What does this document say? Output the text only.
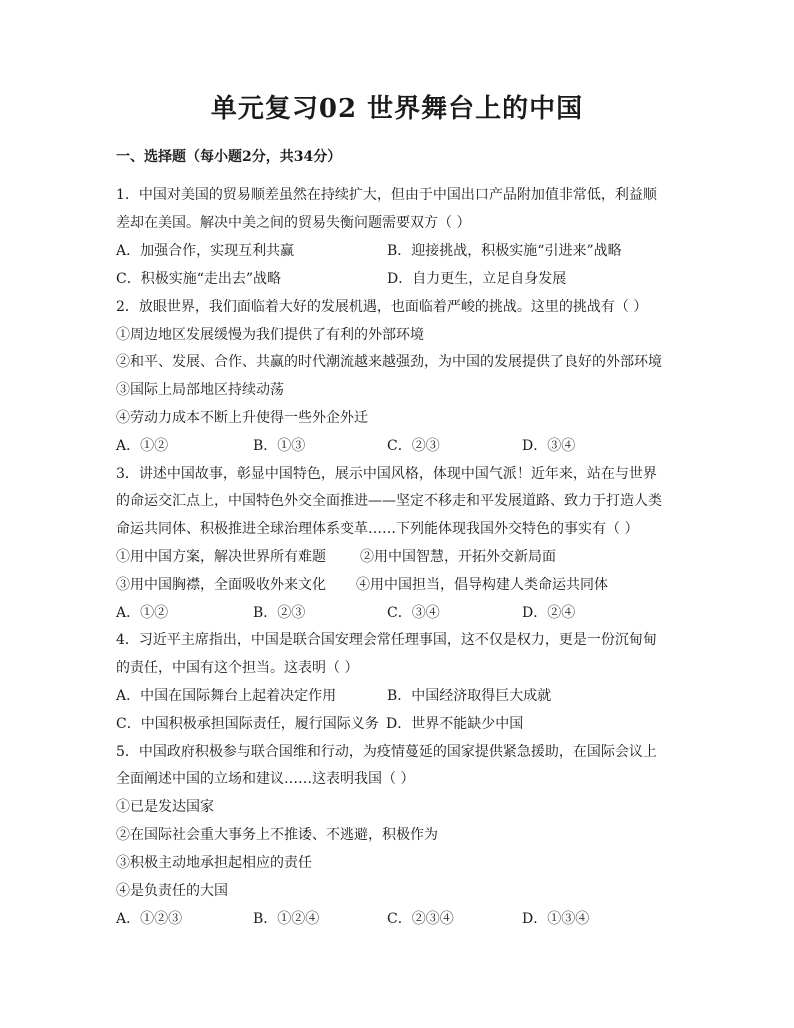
单元复习02 世界舞台上的中国
一、选择题（每小题2分，共34分）
1．中国对美国的贸易顺差虽然在持续扩大，但由于中国出口产品附加值非常低，利益顺
差却在美国。解决中美之间的贸易失衡问题需要双方（ ）
A．加强合作，实现互利共赢	B．迎接挑战，积极实施“引进来”战略
C．积极实施“走出去”战略	D．自力更生，立足自身发展
2．放眼世界，我们面临着大好的发展机遇，也面临着严峻的挑战。这里的挑战有（ ）
①周边地区发展缓慢为我们提供了有利的外部环境
②和平、发展、合作、共赢的时代潮流越来越强劲，为中国的发展提供了良好的外部环境
③国际上局部地区持续动荡
④劳动力成本不断上升使得一些外企外迁
A．①②	B．①③	C．②③	D．③④
3．讲述中国故事，彰显中国特色，展示中国风格，体现中国气派！近年来，站在与世界
的命运交汇点上，中国特色外交全面推进——坚定不移走和平发展道路、致力于打造人类
命运共同体、积极推进全球治理体系变革……下列能体现我国外交特色的事实有（ ）
①用中国方案，解决世界所有难题 ②用中国智慧，开拓外交新局面
③用中国胸襟，全面吸收外来文化 ④用中国担当，倡导构建人类命运共同体
A．①②	B．②③	C．③④	D．②④
4．习近平主席指出，中国是联合国安理会常任理事国，这不仅是权力，更是一份沉甸甸
的责任，中国有这个担当。这表明（ ）
A．中国在国际舞台上起着决定作用	B．中国经济取得巨大成就
C．中国积极承担国际责任，履行国际义务 D．世界不能缺少中国
5．中国政府积极参与联合国维和行动，为疫情蔓延的国家提供紧急援助，在国际会议上
全面阐述中国的立场和建议……这表明我国（ ）
①已是发达国家
②在国际社会重大事务上不推诿、不逃避，积极作为
③积极主动地承担起相应的责任
④是负责任的大国
A．①②③	B．①②④	C．②③④	D．①③④
